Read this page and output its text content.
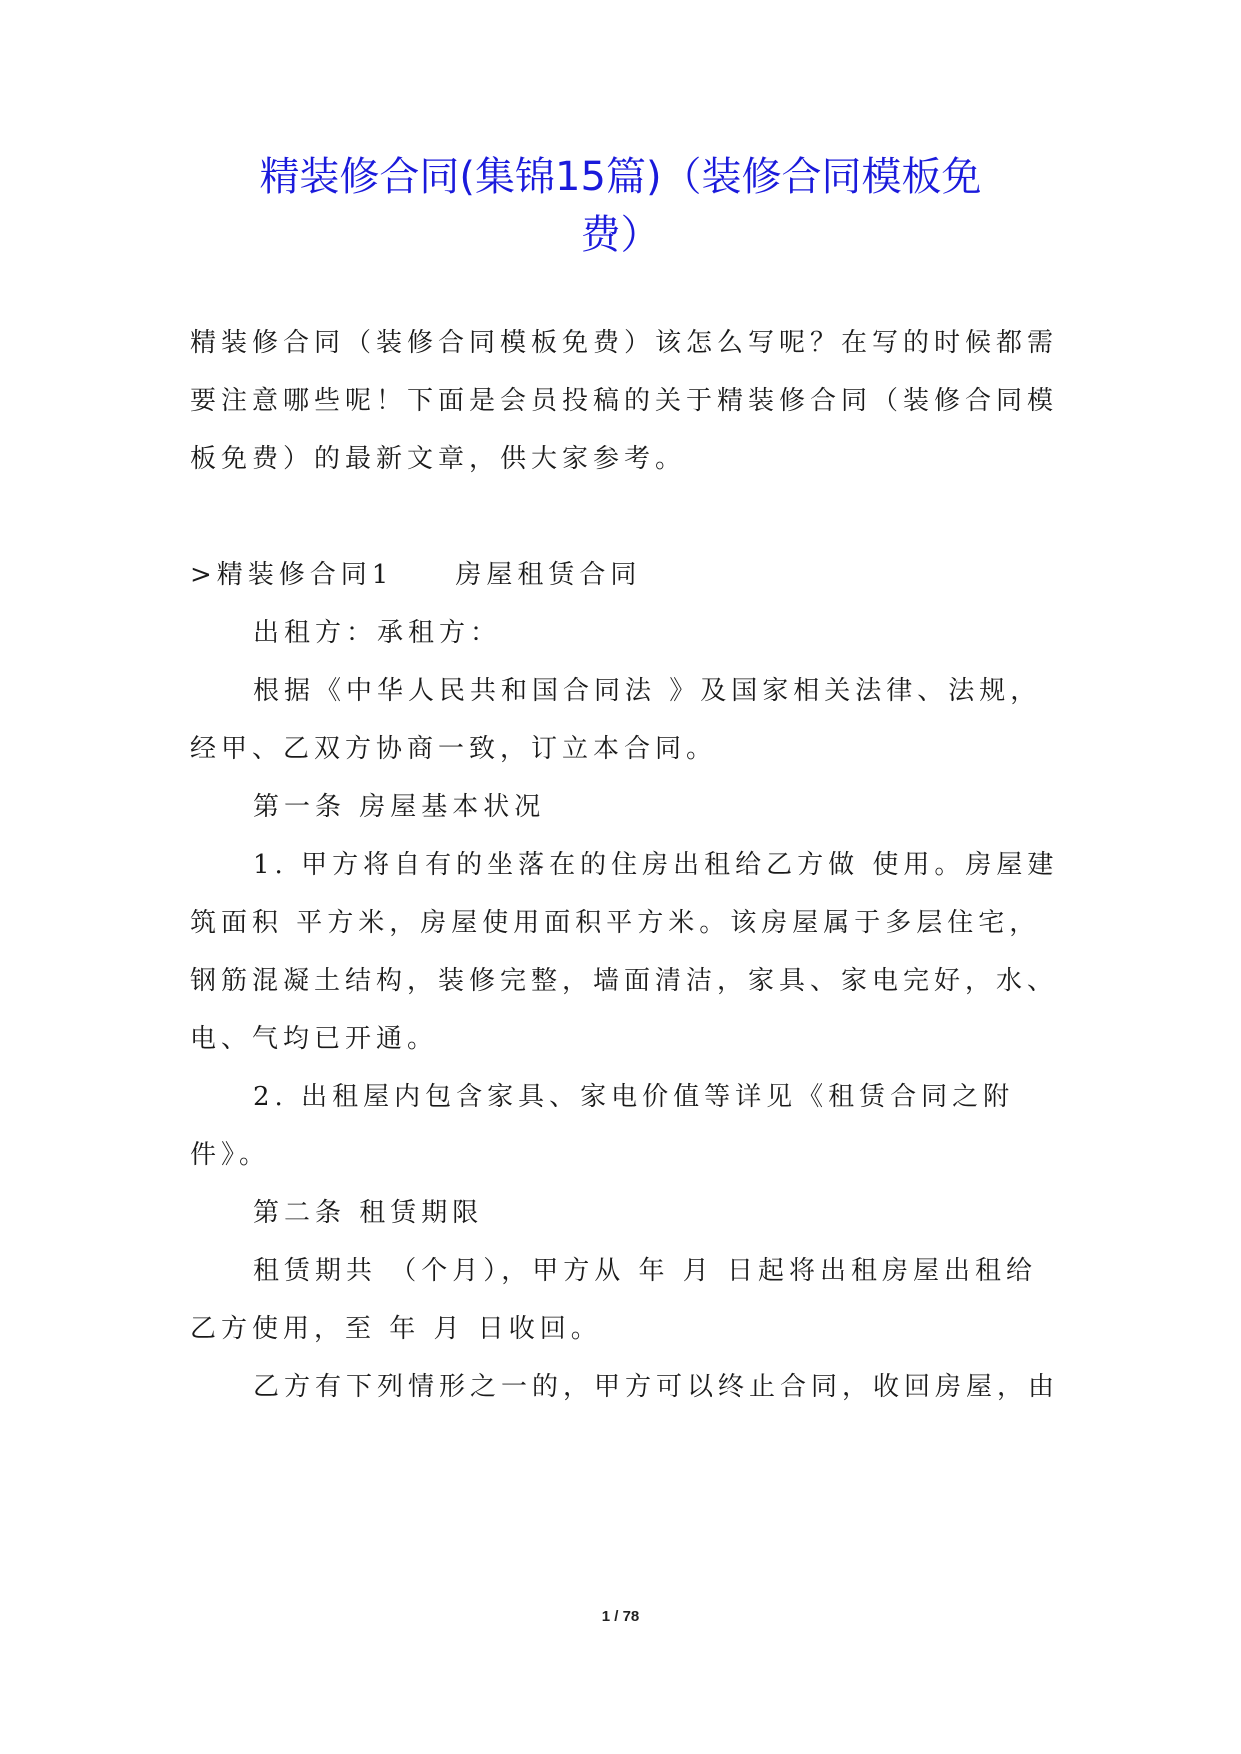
精装修合同(集锦15篇)（装修合同模板免
费）
精装修合同（装修合同模板免费）该怎么写呢？在写的时候都需
要注意哪些呢！下面是会员投稿的关于精装修合同（装修合同模
板免费）的最新文章，供大家参考。
>精装修合同1　　房屋租赁合同
出租方：承租方：
根据《中华人民共和国合同法 》及国家相关法律、法规，
经甲、乙双方协商一致，订立本合同。
第一条 房屋基本状况
1. 甲方将自有的坐落在的住房出租给乙方做 使用。房屋建
筑面积 平方米，房屋使用面积平方米。该房屋属于多层住宅，
钢筋混凝土结构，装修完整，墙面清洁，家具、家电完好，水、
电、气均已开通。
2. 出租屋内包含家具、家电价值等详见《租赁合同之附
件》。
第二条 租赁期限
租赁期共 （个月），甲方从 年 月 日起将出租房屋出租给
乙方使用，至 年 月 日收回。
乙方有下列情形之一的，甲方可以终止合同，收回房屋，由
1 / 78
